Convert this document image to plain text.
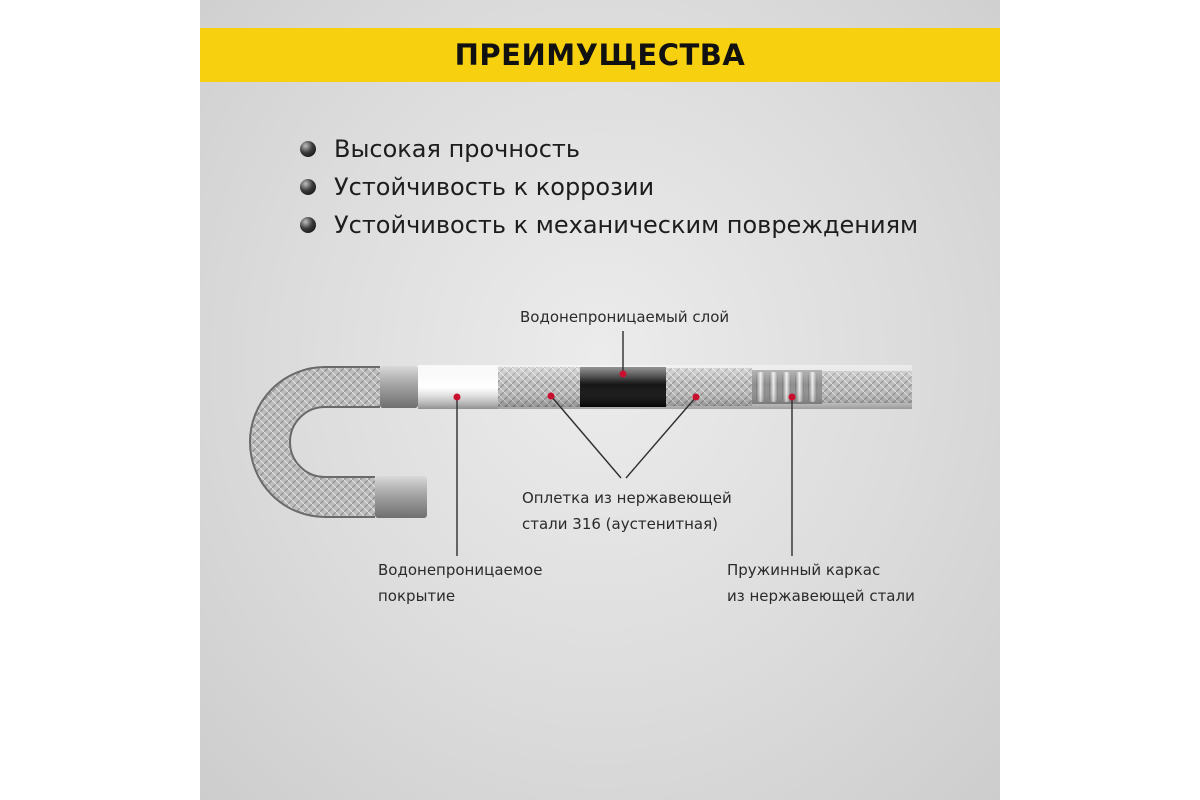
ПРЕИМУЩЕСТВА
Высокая прочность
Устойчивость к коррозии
Устойчивость к механическим повреждениям
Водонепроницаемый слой
Оплетка из нержавеющей
стали 316 (аустенитная)
Водонепроницаемое
покрытие
Пружинный каркас
из нержавеющей стали
